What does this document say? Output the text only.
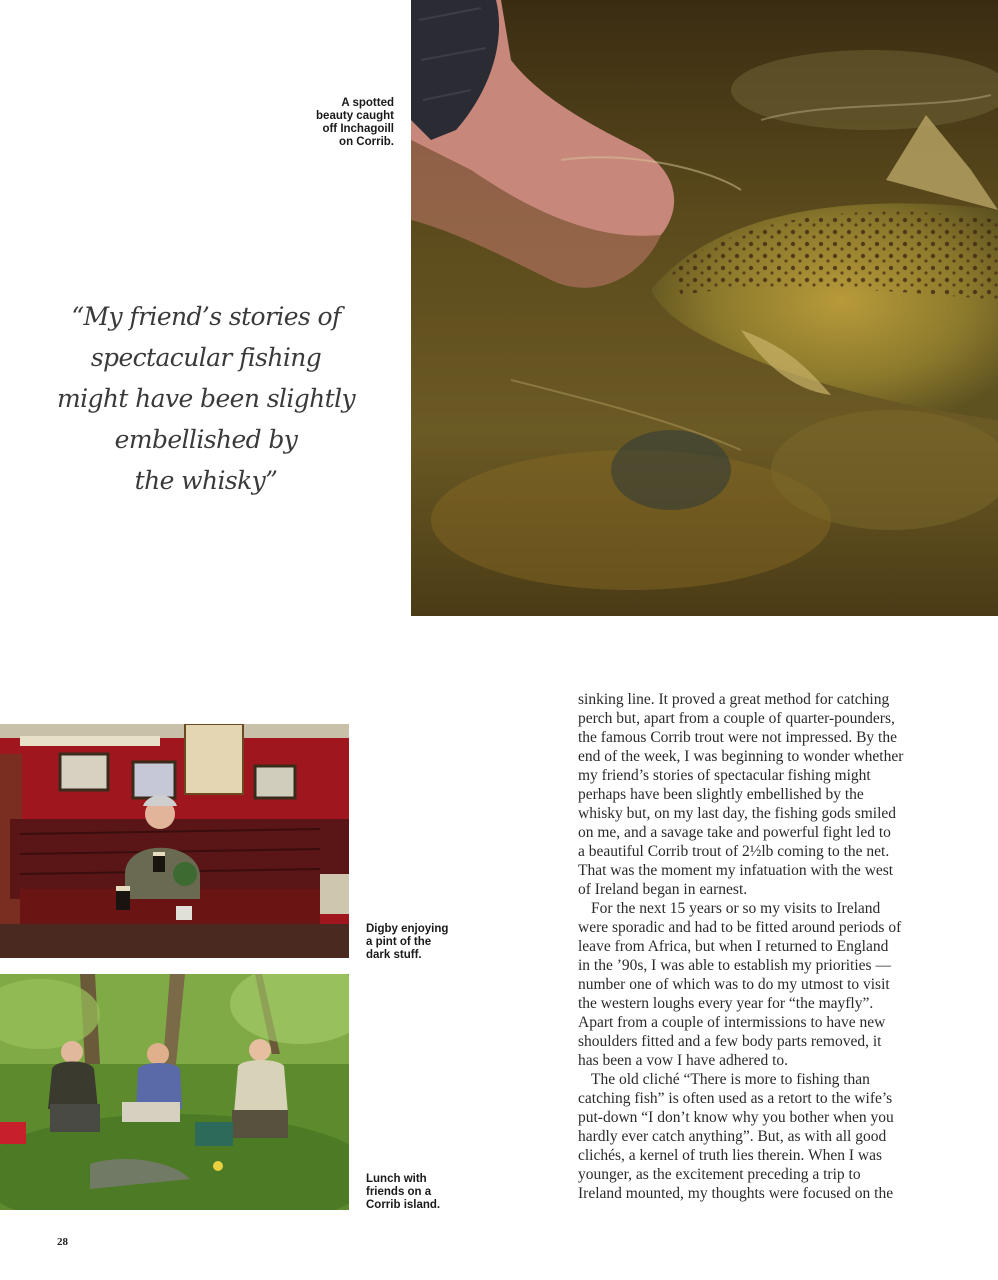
A spotted
beauty caught
off Inchagoill
on Corrib.
“My friend’s stories of
spectacular fishing
might have been slightly
embellished by
the whisky”
Digby enjoying
a pint of the
dark stuff.
Lunch with
friends on a
Corrib island.
sinking line. It proved a great method for catching
perch but, apart from a couple of quarter-pounders,
the famous Corrib trout were not impressed. By the
end of the week, I was beginning to wonder whether
my friend’s stories of spectacular fishing might
perhaps have been slightly embellished by the
whisky but, on my last day, the fishing gods smiled
on me, and a savage take and powerful fight led to
a beautiful Corrib trout of 2½lb coming to the net.
That was the moment my infatuation with the west
of Ireland began in earnest.
For the next 15 years or so my visits to Ireland
were sporadic and had to be fitted around periods of
leave from Africa, but when I returned to England
in the ’90s, I was able to establish my priorities —
number one of which was to do my utmost to visit
the western loughs every year for “the mayfly”.
Apart from a couple of intermissions to have new
shoulders fitted and a few body parts removed, it
has been a vow I have adhered to.
The old cliché “There is more to fishing than
catching fish” is often used as a retort to the wife’s
put-down “I don’t know why you bother when you
hardly ever catch anything”. But, as with all good
clichés, a kernel of truth lies therein. When I was
younger, as the excitement preceding a trip to
Ireland mounted, my thoughts were focused on the
28
